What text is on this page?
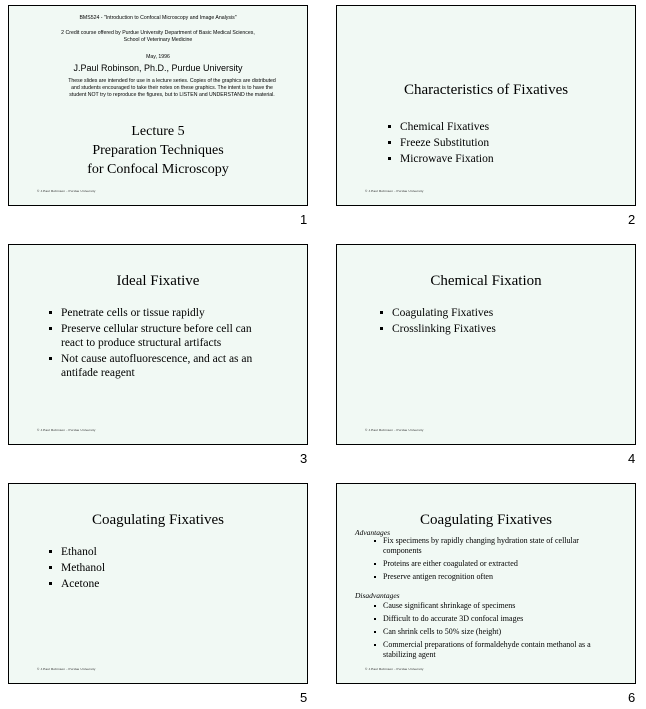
BMS524 - "Introduction to Confocal Microscopy and Image Analysis"
2 Credit course offered by Purdue University Department of Basic Medical Sciences, School of Veterinary Medicine
May, 1996
J.Paul Robinson, Ph.D., Purdue University
These slides are intended for use in a lecture series. Copies of the graphics are distributed and students encouraged to take their notes on these graphics. The intent is to have the student NOT try to reproduce the figures, but to LISTEN and UNDERSTAND the material.
Lecture 5
Preparation Techniques
for Confocal Microscopy
© J.Paul Robinson - Purdue University
1
Characteristics of Fixatives
Chemical Fixatives
Freeze Substitution
Microwave Fixation
© J.Paul Robinson - Purdue University
2
Ideal Fixative
Penetrate cells or tissue rapidly
Preserve cellular structure before cell can react to produce structural artifacts
Not cause autofluorescence, and act as an antifade reagent
© J.Paul Robinson - Purdue University
3
Chemical Fixation
Coagulating Fixatives
Crosslinking Fixatives
© J.Paul Robinson - Purdue University
4
Coagulating Fixatives
Ethanol
Methanol
Acetone
© J.Paul Robinson - Purdue University
5
Coagulating Fixatives
Advantages
Fix specimens by rapidly changing hydration state of cellular components
Proteins are either coagulated or extracted
Preserve antigen recognition often
Disadvantages
Cause significant shrinkage of specimens
Difficult to do accurate 3D confocal images
Can shrink cells to 50% size (height)
Commercial preparations of formaldehyde contain methanol as a stabilizing agent
© J.Paul Robinson - Purdue University
6
